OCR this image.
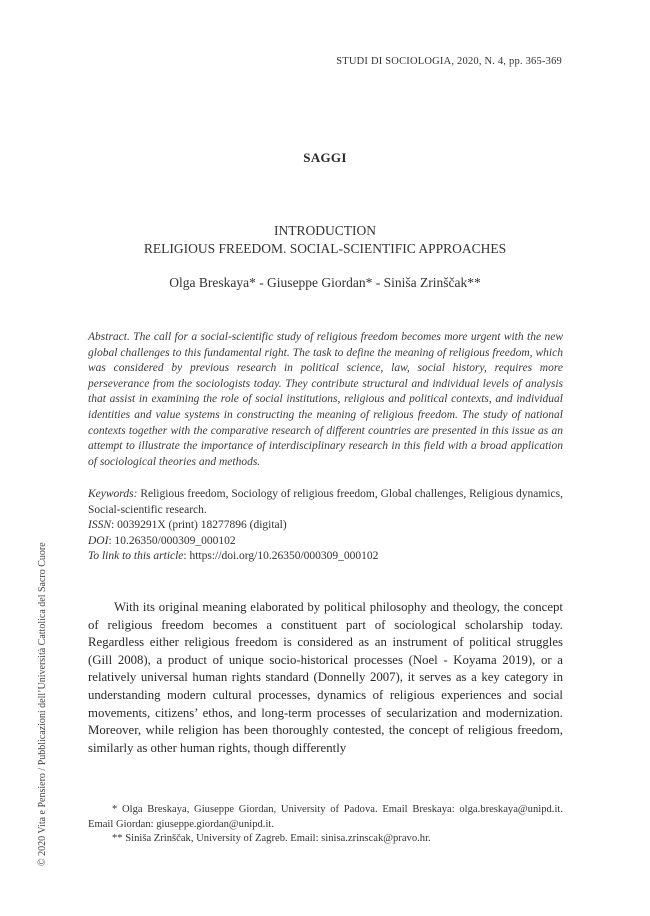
STUDI DI SOCIOLOGIA, 2020, N. 4, pp. 365-369
SAGGI
INTRODUCTION
RELIGIOUS FREEDOM. SOCIAL-SCIENTIFIC APPROACHES
Olga Breskaya* - Giuseppe Giordan* - Siniša Zrinščak**
Abstract. The call for a social-scientific study of religious freedom becomes more urgent with the new global challenges to this fundamental right. The task to define the meaning of religious freedom, which was considered by previous research in political science, law, social history, requires more perseverance from the sociologists today. They contribute structural and individual levels of analysis that assist in examining the role of social institutions, religious and political contexts, and individual identities and value systems in constructing the meaning of religious freedom. The study of national contexts together with the comparative research of different countries are presented in this issue as an attempt to illustrate the importance of interdisciplinary research in this field with a broad application of sociological theories and methods.
Keywords: Religious freedom, Sociology of religious freedom, Global challenges, Religious dynamics, Social-scientific research.
ISSN: 0039291X (print) 18277896 (digital)
DOI: 10.26350/000309_000102
To link to this article: https://doi.org/10.26350/000309_000102
With its original meaning elaborated by political philosophy and theology, the concept of religious freedom becomes a constituent part of sociological scholarship today. Regardless either religious freedom is considered as an instrument of political struggles (Gill 2008), a product of unique socio-historical processes (Noel - Koyama 2019), or a relatively universal human rights standard (Donnelly 2007), it serves as a key category in understanding modern cultural processes, dynamics of religious experiences and social movements, citizens’ ethos, and long-term processes of secularization and modernization. Moreover, while religion has been thoroughly contested, the concept of religious freedom, similarly as other human rights, though differently
* Olga Breskaya, Giuseppe Giordan, University of Padova. Email Breskaya: olga.breskaya@unipd.it. Email Giordan: giuseppe.giordan@unipd.it.
** Siniša Zrinščak, University of Zagreb. Email: sinisa.zrinscak@pravo.hr.
© 2020 Vita e Pensiero / Pubblicazioni dell’Università Cattolica del Sacro Cuore
